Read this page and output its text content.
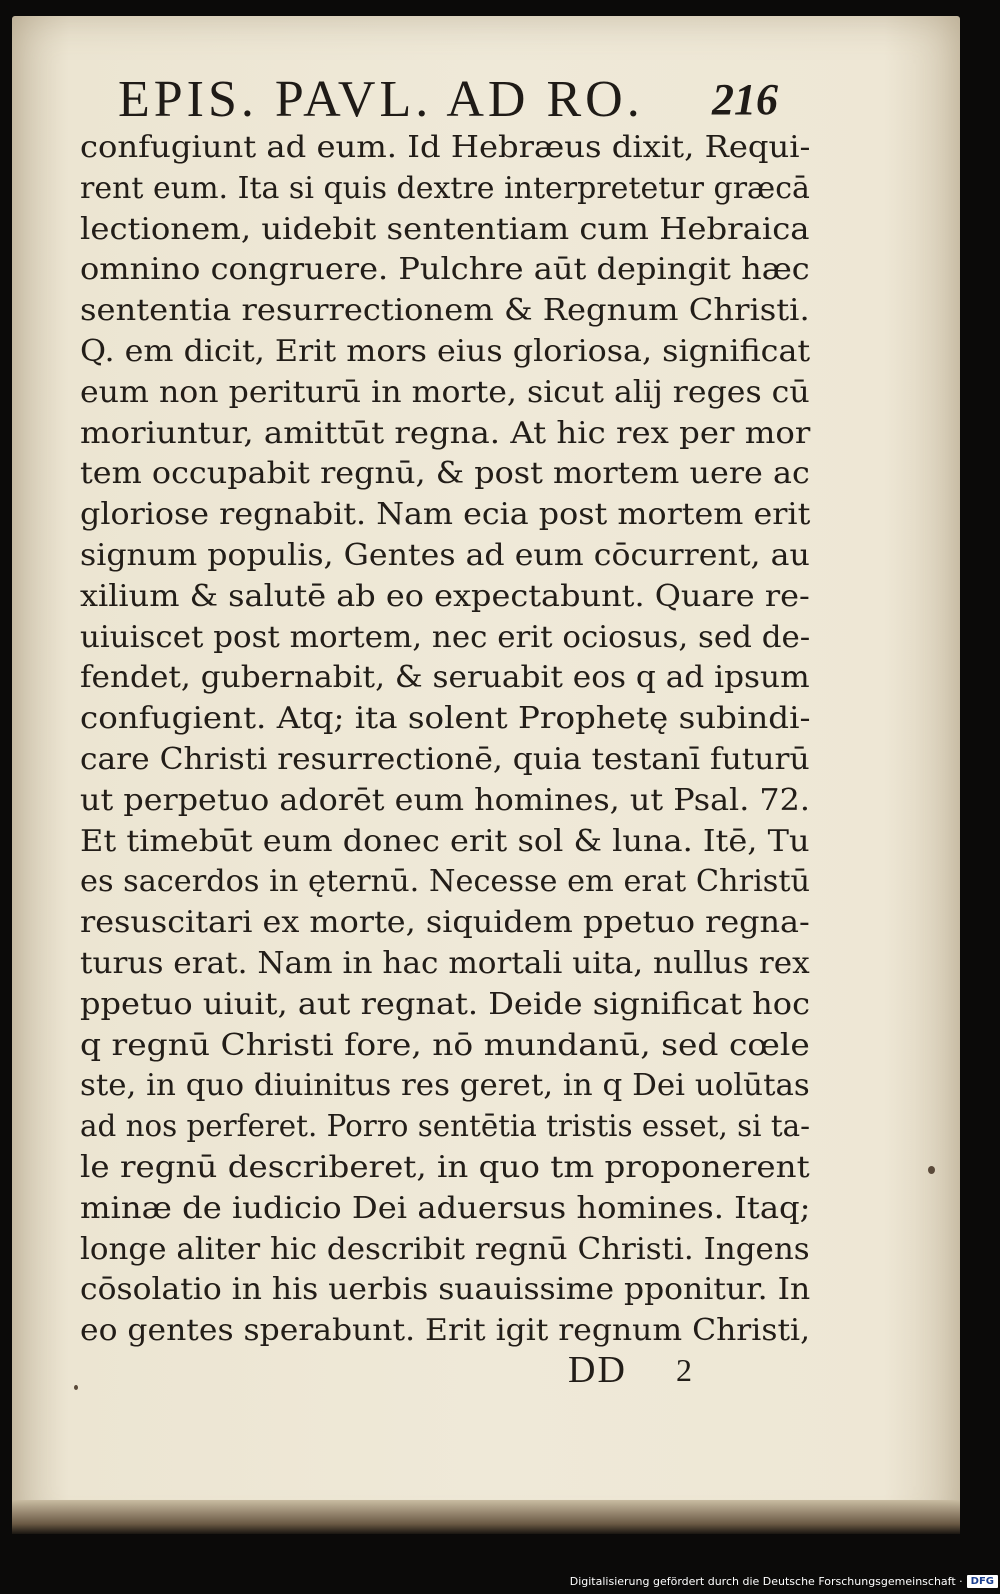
EPIS. PAVL. AD RO. 216
confugiunt ad eum. Id Hebræus dixit, Requi-
rent eum. Ita si quis dextre interpretetur græcā
lectionem, uidebit sententiam cum Hebraica
omnino congruere. Pulchre aūt depingit hæc
sententia resurrectionem & Regnum Christi.
Q. em dicit, Erit mors eius gloriosa, significat
eum non periturū in morte, sicut alij reges cū
moriuntur, amittūt regna. At hic rex per mor
tem occupabit regnū, & post mortem uere ac
gloriose regnabit. Nam ecia post mortem erit
signum populis, Gentes ad eum cōcurrent, au
xilium & salutē ab eo expectabunt. Quare re-
uiuiscet post mortem, nec erit ociosus, sed de-
fendet, gubernabit, & seruabit eos q ad ipsum
confugient. Atq; ita solent Prophetę subindi-
care Christi resurrectionē, quia testanī futurū
ut perpetuo adorēt eum homines, ut Psal. 72.
Et timebūt eum donec erit sol & luna. Itē, Tu
es sacerdos in ęternū. Necesse em erat Christū
resuscitari ex morte, siquidem ppetuo regna-
turus erat. Nam in hac mortali uita, nullus rex
ppetuo uiuit, aut regnat. Deide significat hoc
q regnū Christi fore, nō mundanū, sed cœle
ste, in quo diuinitus res geret, in q Dei uolūtas
ad nos perferet. Porro sentētia tristis esset, si ta-
le regnū describeret, in quo tm proponerent
minæ de iudicio Dei aduersus homines. Itaq;
longe aliter hic describit regnū Christi. Ingens
cōsolatio in his uerbis suauissime pponitur. In
eo gentes sperabunt. Erit igit regnum Christi,
DD 2
Digitalisierung gefördert durch die Deutsche Forschungsgemeinschaft · DFG
